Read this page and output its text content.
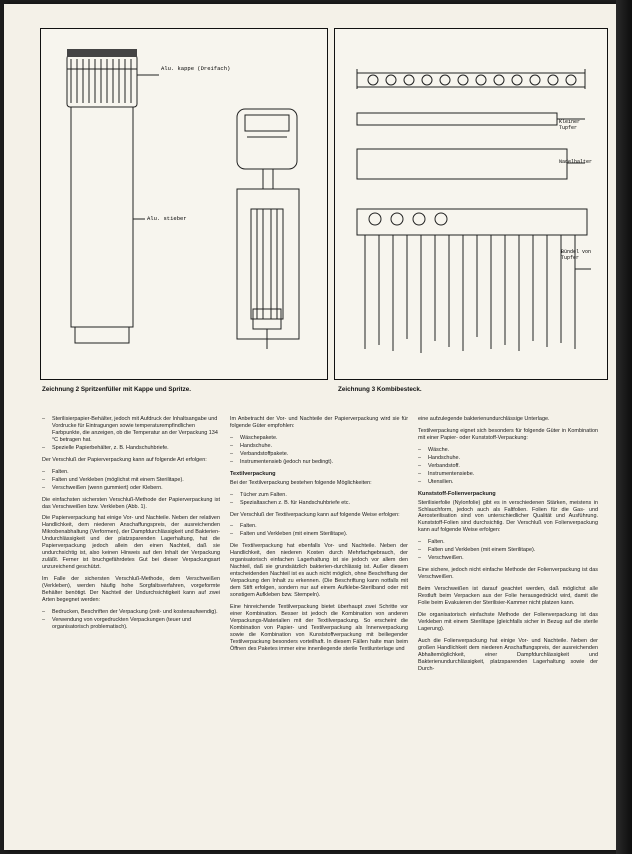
Alu. kappe (Dreifach)
Alu. stieber
Kleiner Tupfer
Nadelhalter
Bündel von Tupfer
Zeichnung 2 Spritzenfüller mit Kappe und Spritze.	Zeichnung 3 Kombibesteck.
– Sterilisierpapier-Behälter, jedoch mit Aufdruck der Inhaltsangabe und Vordrucke für Eintragungen sowie temperaturempfindlichen Farbpunkte, die anzeigen, ob die Temperatur an der Verpackung 134 °C betragen hat.
– Spezielle Papierbehälter, z. B. Handschuhbriefe.

Der Verschluß der Papierverpackung kann auf folgende Art erfolgen:

– Falten.
– Falten und Verkleben (möglichst mit einem Sterilitape).
– Verschweißen (wenn gummiert) oder Klebern.

Die einfachsten sichersten Verschluß-Methode der Papierverpackung ist das Verschweißen bzw. Verkleben (Abb. 1).

Die Papierverpackung hat einige Vor- und Nachteile. Neben der relativen Handlichkeit, dem niederen Anschaffungspreis, der ausreichenden Mikrobenabhaltung (Verformen), der Dampfdurchlässigkeit und Bakterien-Undurchlässigkeit und der platzsparenden Lagerhaltung, hat die Papierverpackung jedoch allein den einen Nachteil, daß sie undurchsichtig ist, also keinen Hinweis auf den Inhalt der Verpackung zuläßt. Ferner ist bruchgefährdetes Gut bei dieser Verpackungsart unzureichend geschützt.

Im Falle der sichersten Verschluß-Methode, dem Verschweißen (Verkleben), werden häufig hohe Sorgfaltsverfahren, vorgeformte Behälter benötigt. Der Nachteil der Undurchsichtigkeit kann auf zwei Arten begegnet werden:

– Bedrucken, Beschriften der Verpackung (zeit- und kostenaufwendig).
– Verwendung von vorgedruckten Verpackungen (teuer und organisatorisch problematisch).

Im Anbetracht der Vor- und Nachteile der Papierverpackung wird sie für folgende Güter empfohlen:

– Wäschepakete.
– Handschuhe.
– Verbandstoffpakete.
– Instrumentensieb (jedoch nur bedingt).
Textilverpackung

Bei der Textilverpackung bestehen folgende Möglichkeiten:

– Tücher zum Falten.
– Spezialtaschen z. B. für Handschuhbriefe etc.

Der Verschluß der Textilverpackung kann auf folgende Weise erfolgen:

– Falten.
– Falten und Verkleben (mit einem Sterilitape).

Die Textilverpackung hat ebenfalls Vor- und Nachteile. Neben der Handlichkeit, den niederen Kosten durch Mehrfachgebrauch, der organisatorisch einfachen Lagerhaltung ist sie jedoch vor allem den Nachteil, daß sie grundsätzlich bakterien-durchlässig ist. Außer diesem entscheidenden Nachteil ist es auch nicht möglich, ohne Beschriftung der Verpackung den Inhalt zu erkennen. (Die Beschriftung kann notfalls mit dem Stift erfolgen, sondern nur auf einem Aufklebe-Sterilband oder mit sonstigem Aufkleben bzw. Stempeln).

Eine hinreichende Textilverpackung bietet überhaupt zwei Schritte vor einer Kombination. Besser ist jedoch die Kombination von anderen Verpackungs-Materialien mit der Textilverpackung. So erscheint die Kombination von Papier- und Textilverpackung als Innenverpackung sowie die Kombination von Kunststoffverpackung mit beiliegender Textilverpackung besonders vorteilhaft. In diesem Fällen halte man beim Öffnen des Paketes immer eine innenliegende sterile Textilunterlage und

eine aufzulegende bakterienundurchlässige Unterlage.

Textilverpackung eignet sich besonders für folgende Güter in Kombination mit einer Papier- oder Kunststoff-Verpackung:

– Wäsche.
– Handschuhe.
– Verbandstoff.
– Instrumentensiebe.
– Utensilien.
Kunststoff-Folienverpackung

Sterilisierfolie (Nylonfolie) gibt es in verschiedenen Stärken, meistens in Schlauchform, jedoch auch als Faltfolien. Folien für die Gas- und Aerosterilisation sind von unterschiedlicher Qualität und Ausführung. Kunststoff-Folien sind durchsichtig. Der Verschluß von Folienverpackung kann auf folgende Weise erfolgen:

– Falten.
– Falten und Verkleben (mit einem Sterilitape).
– Verschweißen.

Eine sichere, jedoch nicht einfache Methode der Folienverpackung ist das Verschweißen.

Beim Verschweißen ist darauf geachtet werden, daß möglichst alle Restluft beim Verpacken aus der Folie herausgedrückt wird, damit die Folie beim Evakuieren der Sterilisier-Kammer nicht platzen kann.

Die organisatorisch einfachste Methode der Folienverpackung ist das Verkleben mit einem Sterilitape (gleichfalls sicher in Bezug auf die sterile Lagerung).

Auch die Folienverpackung hat einige Vor- und Nachteile. Neben der großen Handlichkeit dem niederen Anschaffungspreis, der ausreichenden Abhaltemöglichkeit, einer Dampfdurchlässigkeit und Bakterienundurchlässigkeit, platzsparenden Lagerhaltung sowie der Durch-
